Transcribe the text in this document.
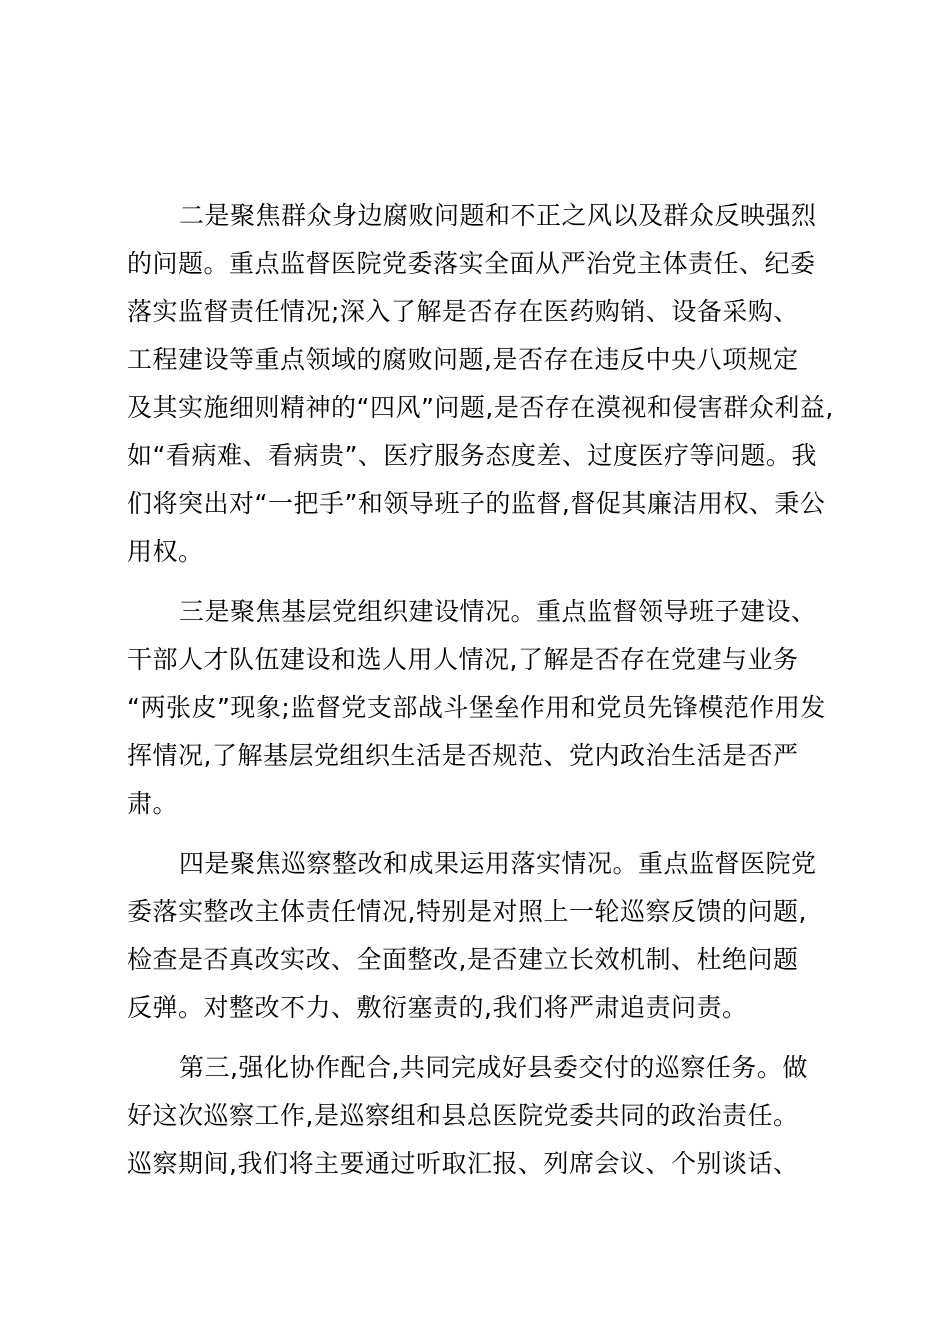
二是聚焦群众身边腐败问题和不正之风以及群众反映强烈
的问题。重点监督医院党委落实全面从严治党主体责任、纪委
落实监督责任情况;深入了解是否存在医药购销、设备采购、
工程建设等重点领域的腐败问题,是否存在违反中央八项规定
及其实施细则精神的“四风”问题,是否存在漠视和侵害群众利益,
如“看病难、看病贵”、医疗服务态度差、过度医疗等问题。我
们将突出对“一把手”和领导班子的监督,督促其廉洁用权、秉公
用权。
三是聚焦基层党组织建设情况。重点监督领导班子建设、
干部人才队伍建设和选人用人情况,了解是否存在党建与业务
“两张皮”现象;监督党支部战斗堡垒作用和党员先锋模范作用发
挥情况,了解基层党组织生活是否规范、党内政治生活是否严
肃。
四是聚焦巡察整改和成果运用落实情况。重点监督医院党
委落实整改主体责任情况,特别是对照上一轮巡察反馈的问题,
检查是否真改实改、全面整改,是否建立长效机制、杜绝问题
反弹。对整改不力、敷衍塞责的,我们将严肃追责问责。
第三,强化协作配合,共同完成好县委交付的巡察任务。做
好这次巡察工作,是巡察组和县总医院党委共同的政治责任。
巡察期间,我们将主要通过听取汇报、列席会议、个别谈话、
